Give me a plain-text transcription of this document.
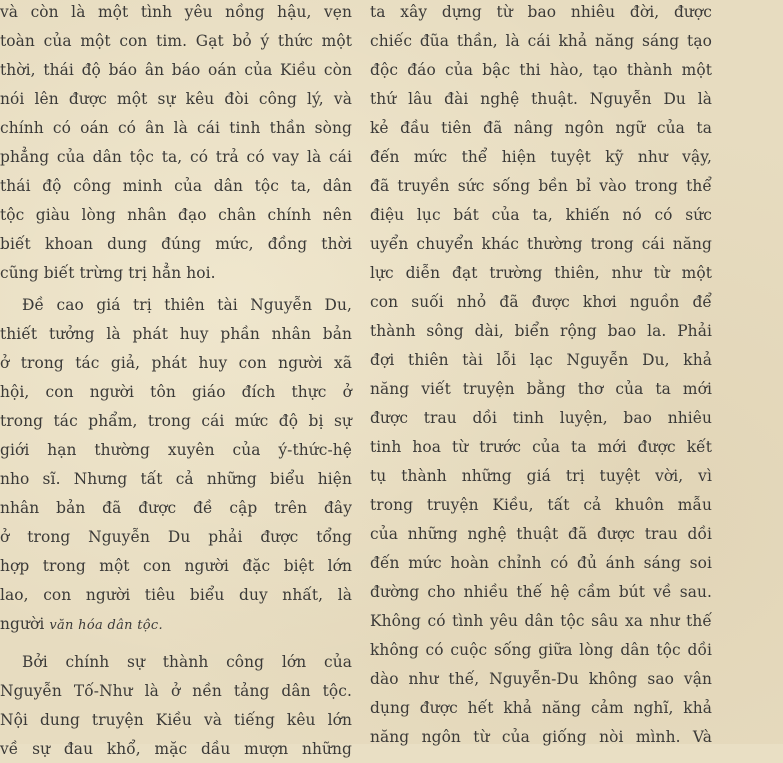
và còn là một tình yêu nồng hậu, vẹn
toàn của một con tim. Gạt bỏ ý thức một
thời, thái độ báo ân báo oán của Kiều còn
nói lên được một sự kêu đòi công lý, và
chính có oán có ân là cái tinh thần sòng
phẳng của dân tộc ta, có trả có vay là cái
thái độ công minh của dân tộc ta, dân
tộc giàu lòng nhân đạo chân chính nên
biết khoan dung đúng mức, đồng thời
cũng biết trừng trị hẳn hoi.
Đề cao giá trị thiên tài Nguyễn Du,
thiết tưởng là phát huy phần nhân bản
ở trong tác giả, phát huy con người xã
hội, con người tôn giáo đích thực ở
trong tác phẩm, trong cái mức độ bị sự
giới hạn thường xuyên của ý-thức-hệ
nho sĩ. Nhưng tất cả những biểu hiện
nhân bản đã được đề cập trên đây
ở trong Nguyễn Du phải được tổng
hợp trong một con người đặc biệt lớn
lao, con người tiêu biểu duy nhất, là
người văn hóa dân tộc.
Bởi chính sự thành công lớn của
Nguyễn Tố-Như là ở nền tảng dân tộc.
Nội dung truyện Kiều và tiếng kêu lớn
về sự đau khổ, mặc dầu mượn những
ta xây dựng từ bao nhiêu đời, được
chiếc đũa thần, là cái khả năng sáng tạo
độc đáo của bậc thi hào, tạo thành một
thứ lâu đài nghệ thuật. Nguyễn Du là
kẻ đầu tiên đã nâng ngôn ngữ của ta
đến mức thể hiện tuyệt kỹ như vậy,
đã truyền sức sống bền bỉ vào trong thể
điệu lục bát của ta, khiến nó có sức
uyển chuyển khác thường trong cái năng
lực diễn đạt trường thiên, như từ một
con suối nhỏ đã được khơi nguồn để
thành sông dài, biển rộng bao la. Phải
đợi thiên tài lỗi lạc Nguyễn Du, khả
năng viết truyện bằng thơ của ta mới
được trau dồi tinh luyện, bao nhiêu
tinh hoa từ trước của ta mới được kết
tụ thành những giá trị tuyệt vời, vì
trong truyện Kiều, tất cả khuôn mẫu
của những nghệ thuật đã được trau dồi
đến mức hoàn chỉnh có đủ ánh sáng soi
đường cho nhiều thế hệ cầm bút về sau.
Không có tình yêu dân tộc sâu xa như thế
không có cuộc sống giữa lòng dân tộc dồi
dào như thế, Nguyễn-Du không sao vận
dụng được hết khả năng cảm nghĩ, khả
năng ngôn từ của giống nòi mình. Và
